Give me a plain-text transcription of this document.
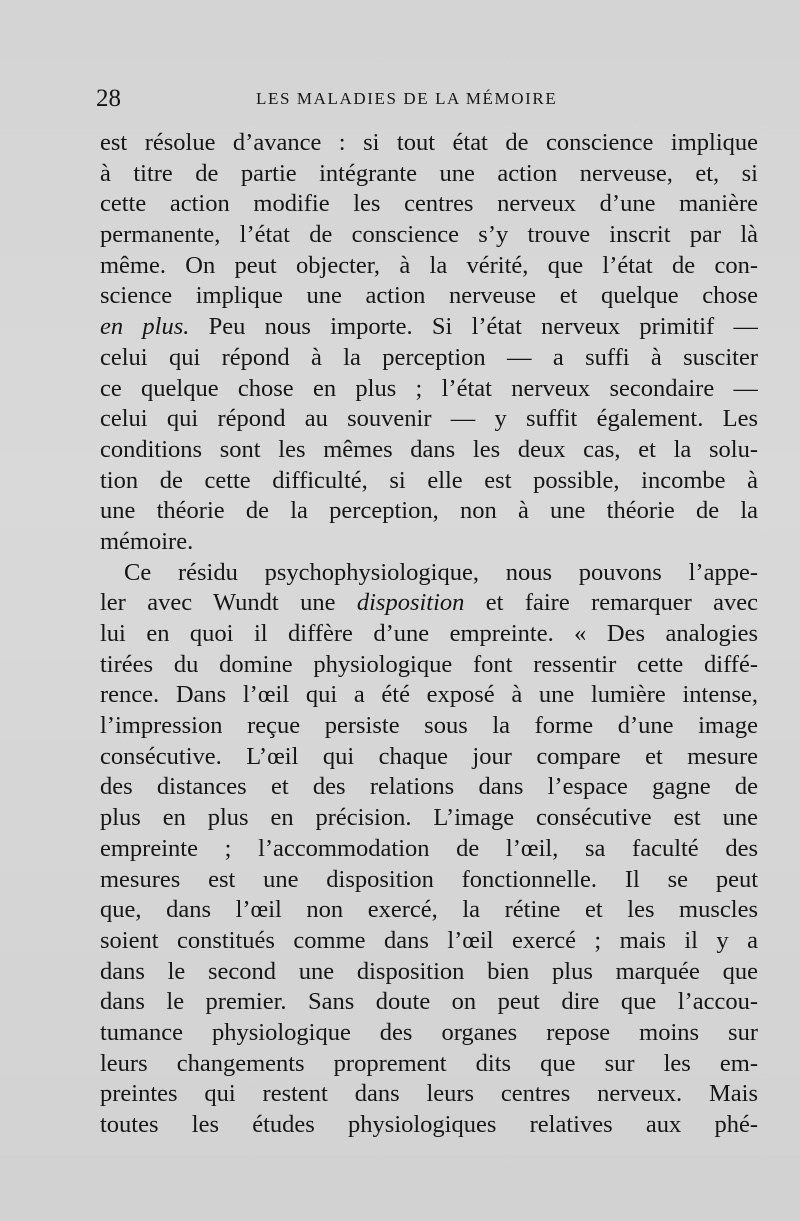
28	LES MALADIES DE LA MÉMOIRE
est résolue d’avance : si tout état de conscience implique
à titre de partie intégrante une action nerveuse, et, si
cette action modifie les centres nerveux d’une manière
permanente, l’état de conscience s’y trouve inscrit par là
même. On peut objecter, à la vérité, que l’état de con-
science implique une action nerveuse et quelque chose
en plus. Peu nous importe. Si l’état nerveux primitif —
celui qui répond à la perception — a suffi à susciter
ce quelque chose en plus ; l’état nerveux secondaire —
celui qui répond au souvenir — y suffit également. Les
conditions sont les mêmes dans les deux cas, et la solu-
tion de cette difficulté, si elle est possible, incombe à
une théorie de la perception, non à une théorie de la
mémoire.
Ce résidu psychophysiologique, nous pouvons l’appe-
ler avec Wundt une disposition et faire remarquer avec
lui en quoi il diffère d’une empreinte. « Des analogies
tirées du domine physiologique font ressentir cette diffé-
rence. Dans l’œil qui a été exposé à une lumière intense,
l’impression reçue persiste sous la forme d’une image
consécutive. L’œil qui chaque jour compare et mesure
des distances et des relations dans l’espace gagne de
plus en plus en précision. L’image consécutive est une
empreinte ; l’accommodation de l’œil, sa faculté des
mesures est une disposition fonctionnelle. Il se peut
que, dans l’œil non exercé, la rétine et les muscles
soient constitués comme dans l’œil exercé ; mais il y a
dans le second une disposition bien plus marquée que
dans le premier. Sans doute on peut dire que l’accou-
tumance physiologique des organes repose moins sur
leurs changements proprement dits que sur les em-
preintes qui restent dans leurs centres nerveux. Mais
toutes les études physiologiques relatives aux phé-
